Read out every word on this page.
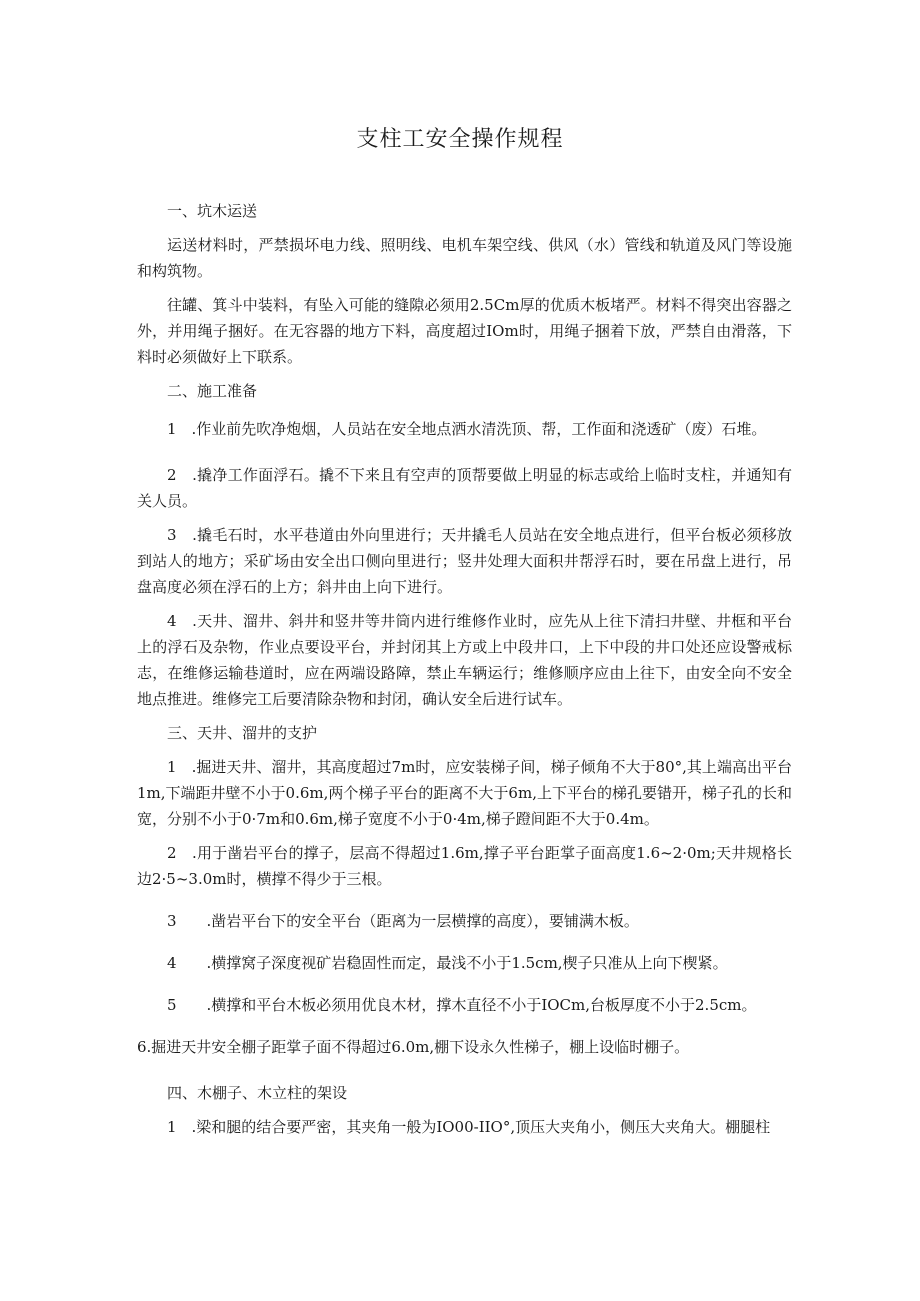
支柱工安全操作规程

一、坑木运送

运送材料时，严禁损坏电力线、照明线、电机车架空线、供风（水）管线和轨道及风门等设施和构筑物。

往罐、箕斗中装料，有坠入可能的缝隙必须用2.5Cm厚的优质木板堵严。材料不得突出容器之外，并用绳子捆好。在无容器的地方下料，高度超过IOm时，用绳子捆着下放，严禁自由滑落，下料时必须做好上下联系。

二、施工准备

1　.作业前先吹净炮烟，人员站在安全地点洒水清洗顶、帮，工作面和浇透矿（废）石堆。

2　.撬净工作面浮石。撬不下来且有空声的顶帮要做上明显的标志或给上临时支柱，并通知有关人员。

3　.撬毛石时，水平巷道由外向里进行；天井撬毛人员站在安全地点进行，但平台板必须移放到站人的地方；采矿场由安全出口侧向里进行；竖井处理大面积井帮浮石时，要在吊盘上进行，吊盘高度必须在浮石的上方；斜井由上向下进行。

4　.天井、溜井、斜井和竖井等井筒内进行维修作业时，应先从上往下清扫井壁、井框和平台上的浮石及杂物，作业点要设平台，并封闭其上方或上中段井口，上下中段的井口处还应设警戒标志，在维修运输巷道时，应在两端设路障，禁止车辆运行；维修顺序应由上往下，由安全向不安全地点推进。维修完工后要清除杂物和封闭，确认安全后进行试车。

三、天井、溜井的支护

1　.掘进天井、溜井，其高度超过7m时，应安装梯子间，梯子倾角不大于80°,其上端高出平台1m,下端距井壁不小于0.6m,两个梯子平台的距离不大于6m,上下平台的梯孔要错开，梯子孔的长和宽，分别不小于0·7m和0.6m,梯子宽度不小于0·4m,梯子蹬间距不大于0.4m。

2　.用于凿岩平台的撑子，层高不得超过1.6m,撑子平台距掌子面高度1.6~2·0m;天井规格长边2·5~3.0m时，横撑不得少于三根。

3　　.凿岩平台下的安全平台（距离为一层横撑的高度），要铺满木板。

4　　.横撑窝子深度视矿岩稳固性而定，最浅不小于1.5cm,楔子只准从上向下楔紧。

5　　.横撑和平台木板必须用优良木材，撑木直径不小于IOCm,台板厚度不小于2.5cm。

6.掘进天井安全棚子距掌子面不得超过6.0m,棚下设永久性梯子，棚上设临时棚子。

四、木棚子、木立柱的架设

1　.梁和腿的结合要严密，其夹角一般为IO00-IIO°,顶压大夹角小，侧压大夹角大。棚腿柱
